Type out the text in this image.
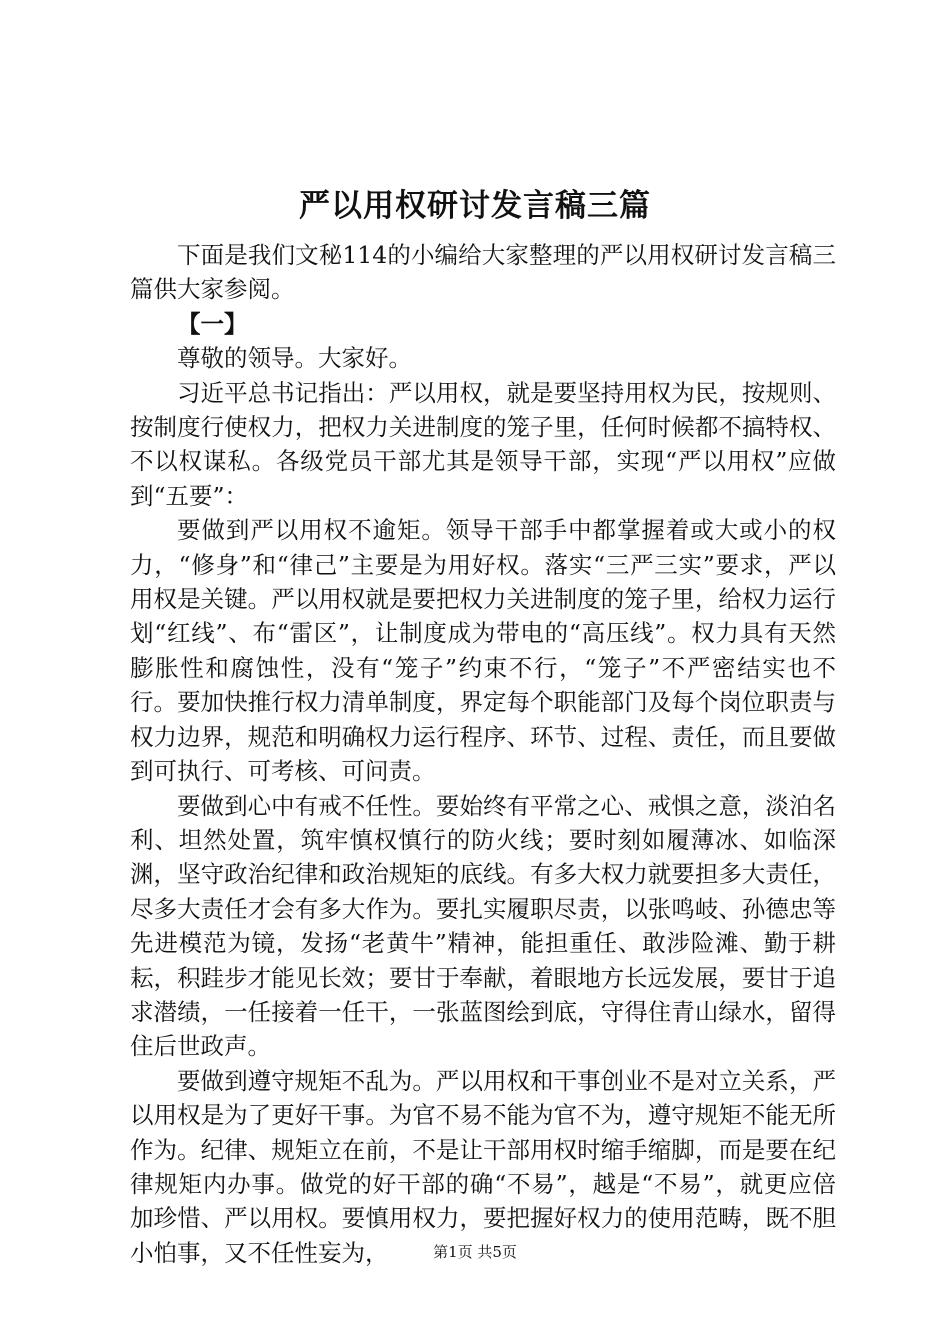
严以用权研讨发言稿三篇

下面是我们文秘114的小编给大家整理的严以用权研讨发言稿三篇供大家参阅。

【一】

尊敬的领导。大家好。

习近平总书记指出：严以用权，就是要坚持用权为民，按规则、按制度行使权力，把权力关进制度的笼子里，任何时候都不搞特权、不以权谋私。各级党员干部尤其是领导干部，实现“严以用权”应做到“五要”：

要做到严以用权不逾矩。领导干部手中都掌握着或大或小的权力，“修身”和“律己”主要是为用好权。落实“三严三实”要求，严以用权是关键。严以用权就是要把权力关进制度的笼子里，给权力运行划“红线”、布“雷区”，让制度成为带电的“高压线”。权力具有天然膨胀性和腐蚀性，没有“笼子”约束不行，“笼子”不严密结实也不行。要加快推行权力清单制度，界定每个职能部门及每个岗位职责与权力边界，规范和明确权力运行程序、环节、过程、责任，而且要做到可执行、可考核、可问责。

要做到心中有戒不任性。要始终有平常之心、戒惧之意，淡泊名利、坦然处置，筑牢慎权慎行的防火线；要时刻如履薄冰、如临深渊，坚守政治纪律和政治规矩的底线。有多大权力就要担多大责任，尽多大责任才会有多大作为。要扎实履职尽责，以张鸣岐、孙德忠等先进模范为镜，发扬“老黄牛”精神，能担重任、敢涉险滩、勤于耕耘，积跬步才能见长效；要甘于奉献，着眼地方长远发展，要甘于追求潜绩，一任接着一任干，一张蓝图绘到底，守得住青山绿水，留得住后世政声。

要做到遵守规矩不乱为。严以用权和干事创业不是对立关系，严以用权是为了更好干事。为官不易不能为官不为，遵守规矩不能无所作为。纪律、规矩立在前，不是让干部用权时缩手缩脚，而是要在纪律规矩内办事。做党的好干部的确“不易”，越是“不易”，就更应倍加珍惜、严以用权。要慎用权力，要把握好权力的使用范畴，既不胆小怕事，又不任性妄为，	第1页 共5页
